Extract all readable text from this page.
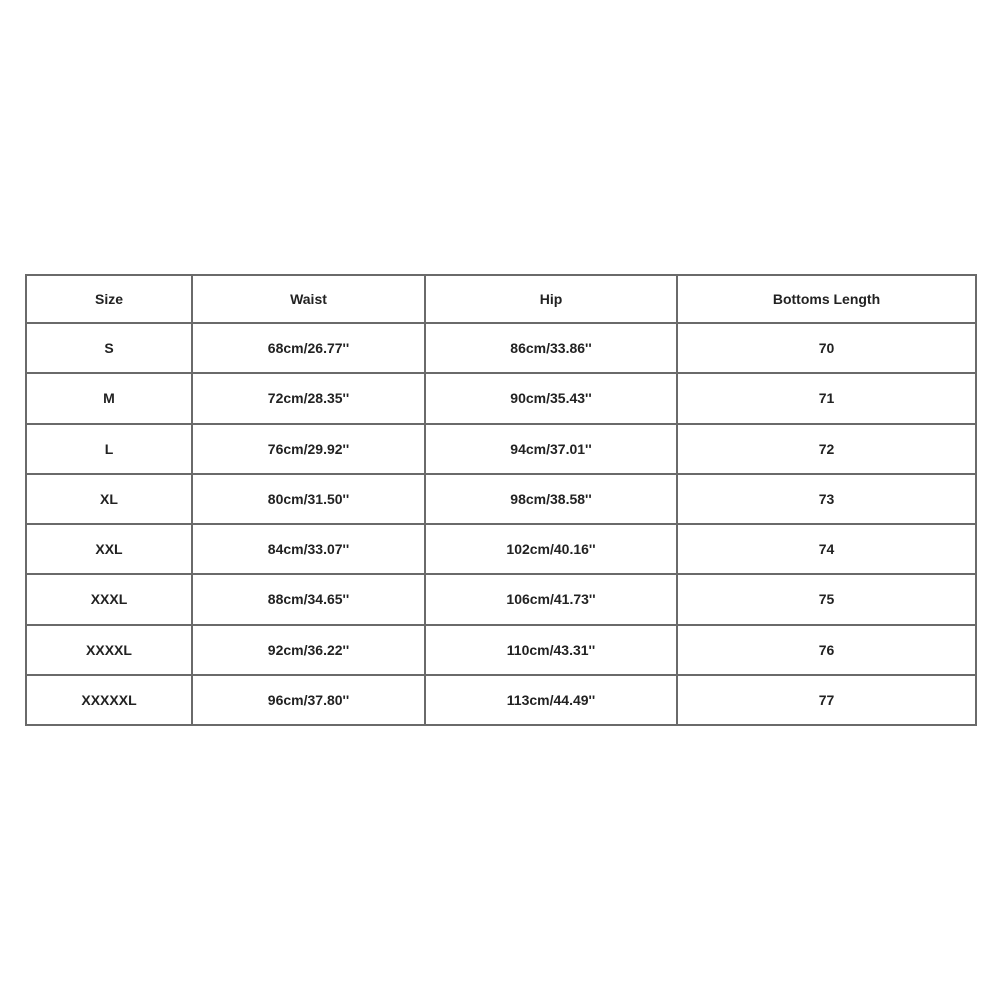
Size	Waist	Hip	Bottoms Length
S	68cm/26.77''	86cm/33.86''	70
M	72cm/28.35''	90cm/35.43''	71
L	76cm/29.92''	94cm/37.01''	72
XL	80cm/31.50''	98cm/38.58''	73
XXL	84cm/33.07''	102cm/40.16''	74
XXXL	88cm/34.65''	106cm/41.73''	75
XXXXL	92cm/36.22''	110cm/43.31''	76
XXXXXL	96cm/37.80''	113cm/44.49''	77
